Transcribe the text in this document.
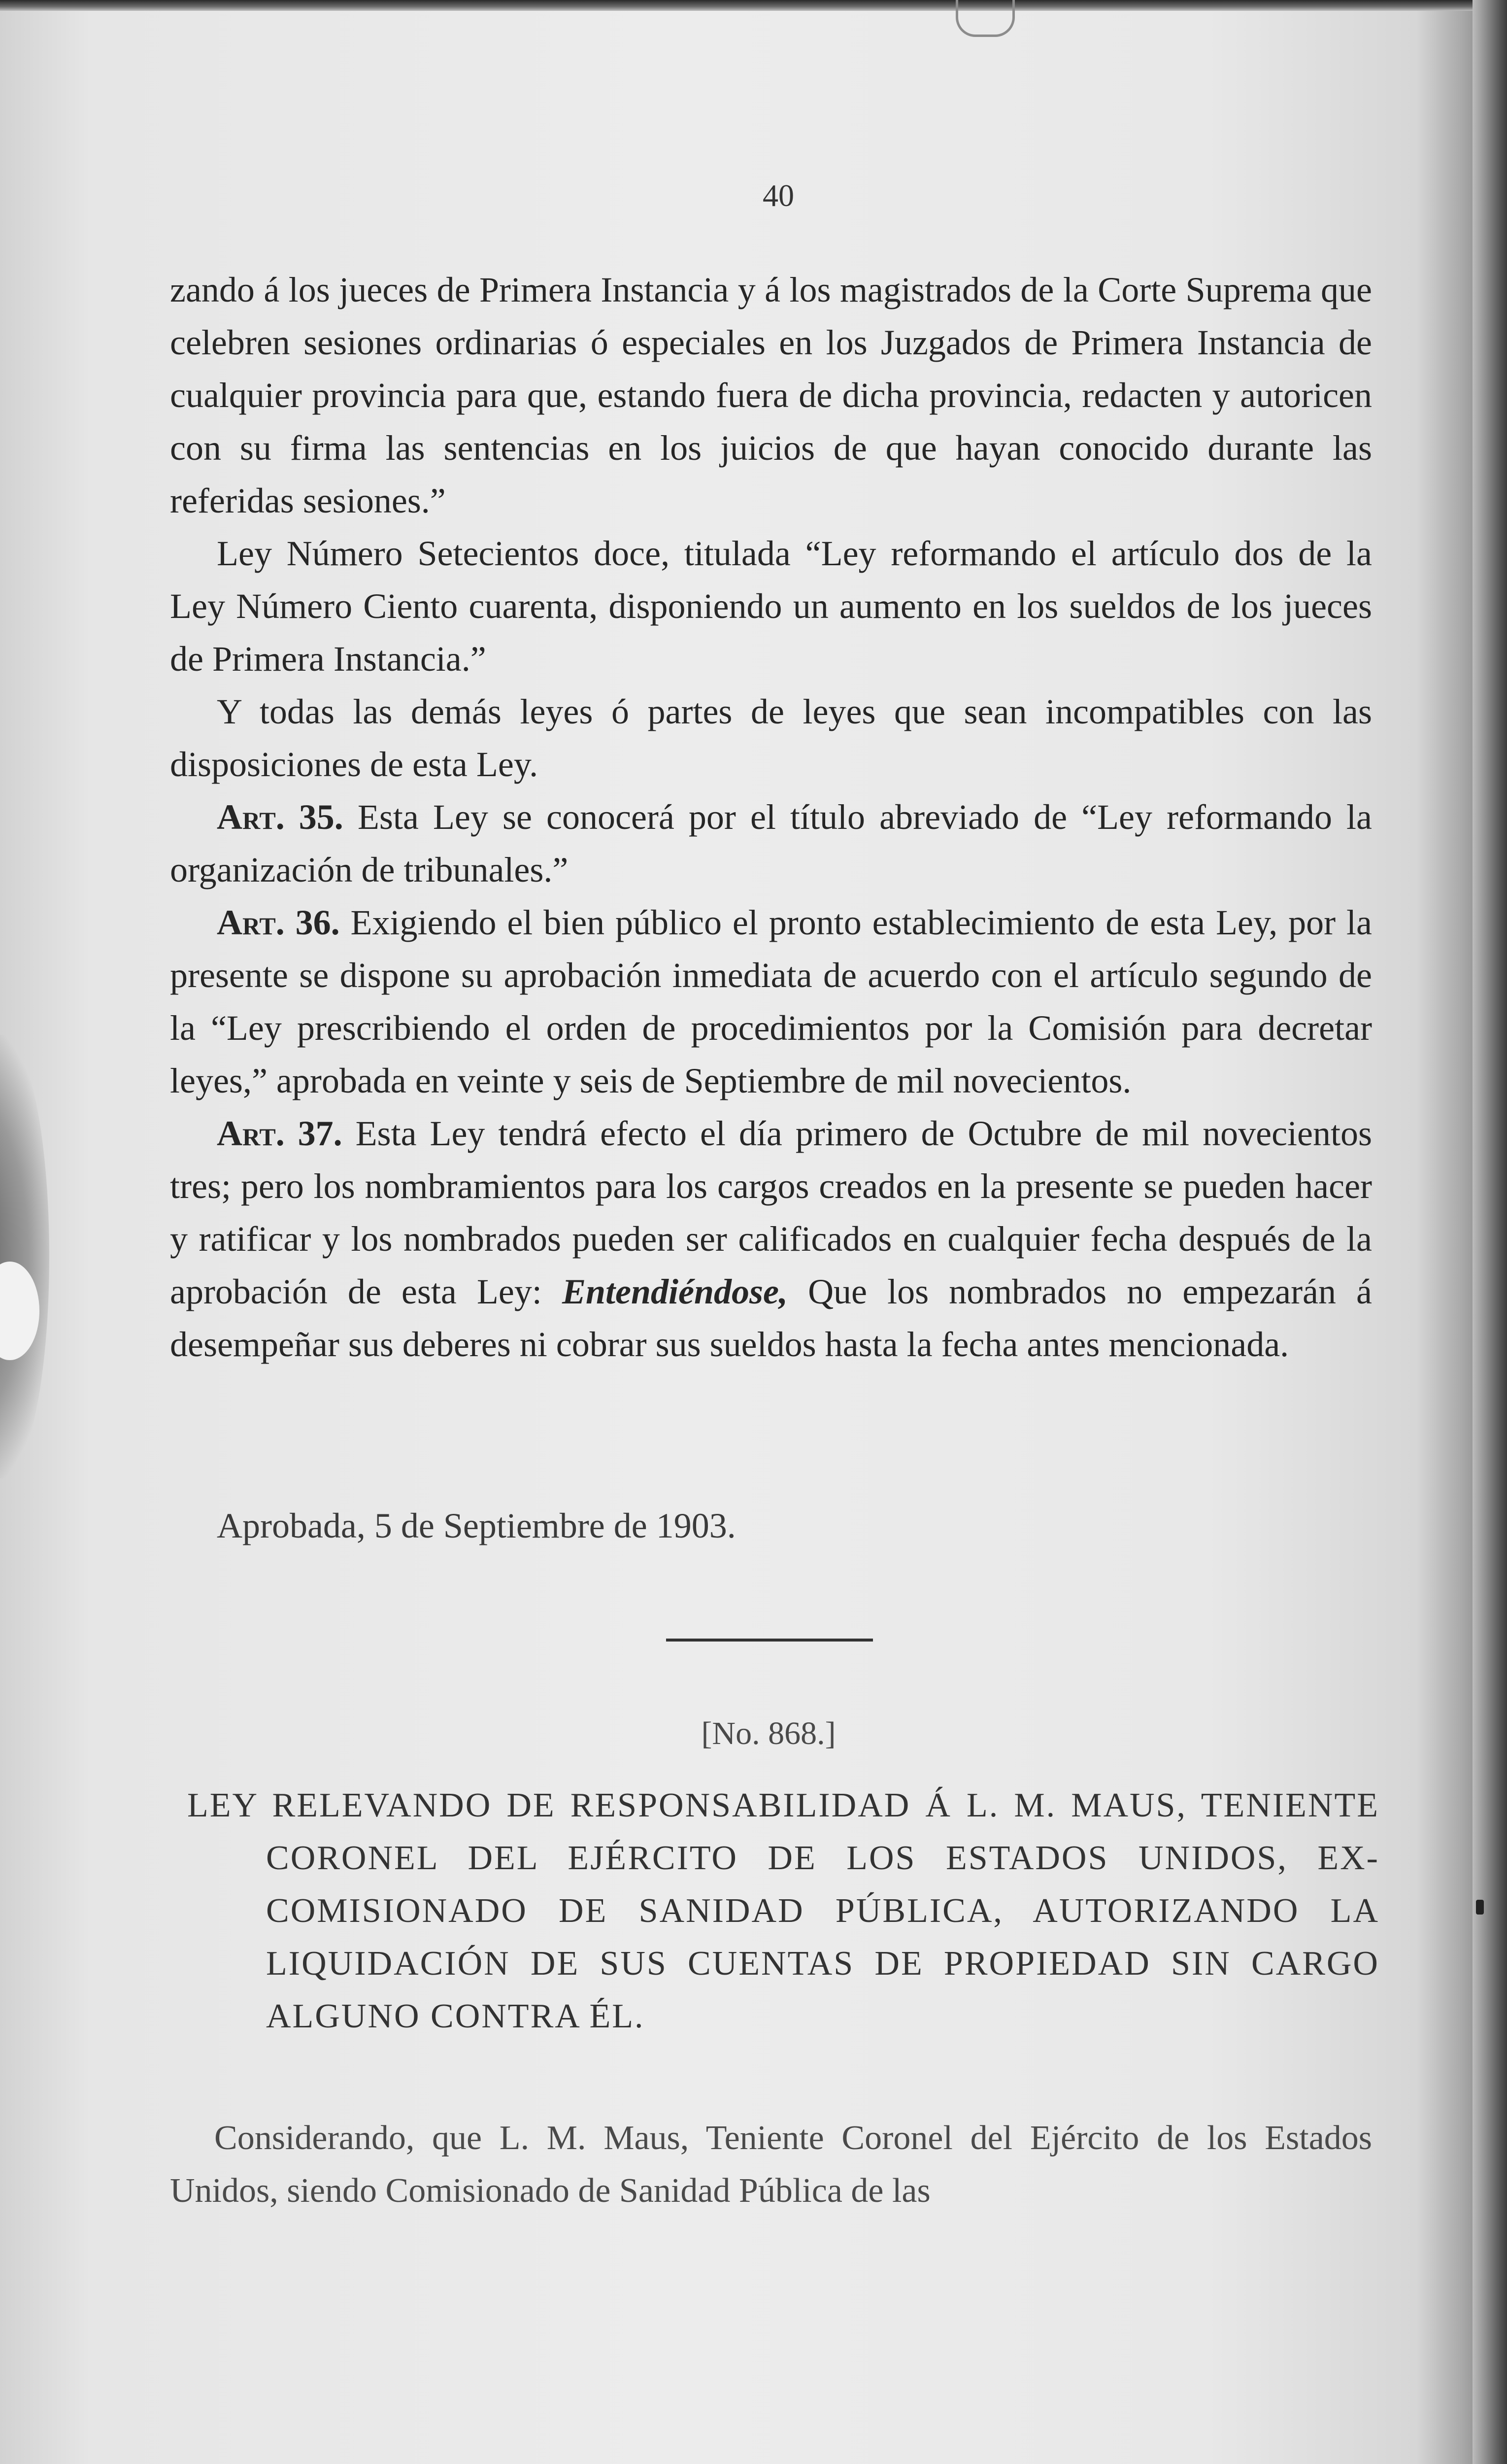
40

zando á los jueces de Primera Instancia y á los magistrados de la Corte Suprema que celebren sesiones ordinarias ó especiales en los Juzgados de Primera Instancia de cualquier provincia para que, estando fuera de dicha provincia, redacten y autoricen con su firma las sentencias en los juicios de que hayan conocido durante las referidas sesiones.”

Ley Número Setecientos doce, titulada “Ley reformando el artículo dos de la Ley Número Ciento cuarenta, disponiendo un aumento en los sueldos de los jueces de Primera Instancia.”

Y todas las demás leyes ó partes de leyes que sean incompatibles con las disposiciones de esta Ley.

Art. 35. Esta Ley se conocerá por el título abreviado de “Ley reformando la organización de tribunales.”

Art. 36. Exigiendo el bien público el pronto establecimiento de esta Ley, por la presente se dispone su aprobación inmediata de acuerdo con el artículo segundo de la “Ley prescribiendo el orden de procedimientos por la Comisión para decretar leyes,” aprobada en veinte y seis de Septiembre de mil novecientos.

Art. 37. Esta Ley tendrá efecto el día primero de Octubre de mil novecientos tres; pero los nombramientos para los cargos creados en la presente se pueden hacer y ratificar y los nombrados pueden ser calificados en cualquier fecha después de la aprobación de esta Ley: Entendiéndose, Que los nombrados no empezarán á desempeñar sus deberes ni cobrar sus sueldos hasta la fecha antes mencionada.

Aprobada, 5 de Septiembre de 1903.
[No. 868.]
LEY RELEVANDO DE RESPONSABILIDAD Á L. M. MAUS, TENIENTE CORONEL DEL EJÉRCITO DE LOS ESTADOS UNIDOS, EX-COMISIONADO DE SANIDAD PÚBLICA, AUTORIZANDO LA LIQUIDACIÓN DE SUS CUENTAS DE PROPIEDAD SIN CARGO ALGUNO CONTRA ÉL.
Considerando, que L. M. Maus, Teniente Coronel del Ejército de los Estados Unidos, siendo Comisionado de Sanidad Pública de las
